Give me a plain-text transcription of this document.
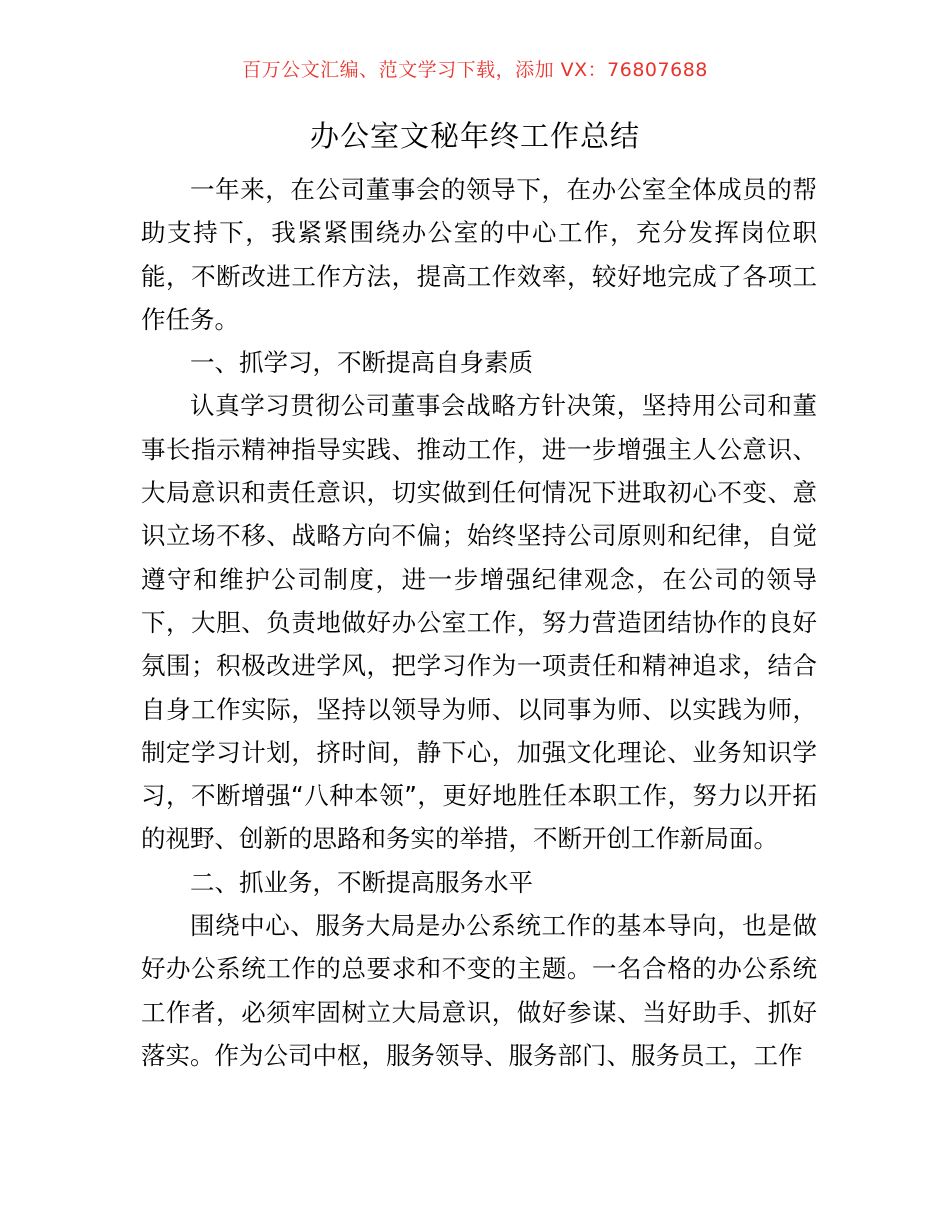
百万公文汇编、范文学习下载，添加 VX：76807688
办公室文秘年终工作总结

一年来，在公司董事会的领导下，在办公室全体成员的帮助支持下，我紧紧围绕办公室的中心工作，充分发挥岗位职能，不断改进工作方法，提高工作效率，较好地完成了各项工作任务。

一、抓学习，不断提高自身素质

认真学习贯彻公司董事会战略方针决策，坚持用公司和董事长指示精神指导实践、推动工作，进一步增强主人公意识、大局意识和责任意识，切实做到任何情况下进取初心不变、意识立场不移、战略方向不偏；始终坚持公司原则和纪律，自觉遵守和维护公司制度，进一步增强纪律观念，在公司的领导下，大胆、负责地做好办公室工作，努力营造团结协作的良好氛围；积极改进学风，把学习作为一项责任和精神追求，结合自身工作实际，坚持以领导为师、以同事为师、以实践为师，制定学习计划，挤时间，静下心，加强文化理论、业务知识学习，不断增强“八种本领”，更好地胜任本职工作，努力以开拓的视野、创新的思路和务实的举措，不断开创工作新局面。

二、抓业务，不断提高服务水平

围绕中心、服务大局是办公系统工作的基本导向，也是做好办公系统工作的总要求和不变的主题。一名合格的办公系统工作者，必须牢固树立大局意识，做好参谋、当好助手、抓好落实。作为公司中枢，服务领导、服务部门、服务员工，工作
